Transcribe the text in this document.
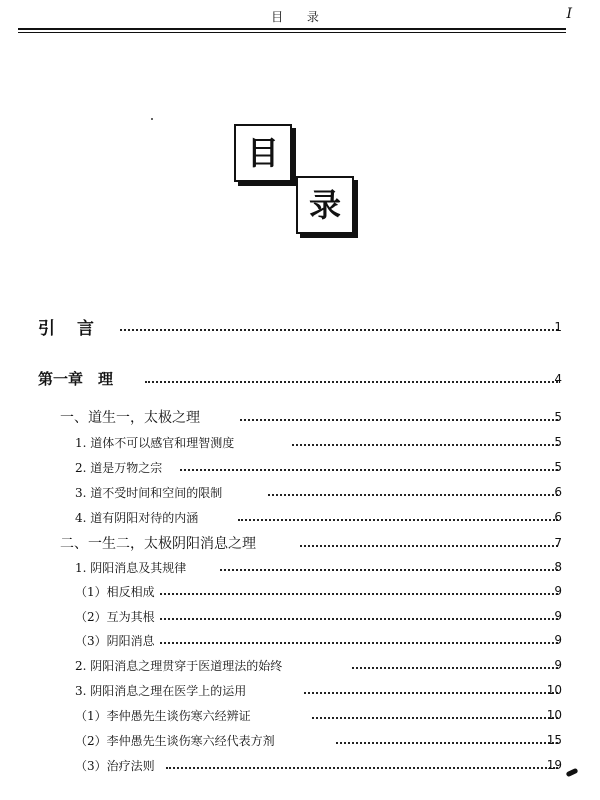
目 录	I
目
录
引言	1
第一章　理	4
一、道生一，太极之理	5
1. 道体不可以感官和理智测度	5
2. 道是万物之宗	5
3. 道不受时间和空间的限制	6
4. 道有阴阳对待的内涵	6
二、一生二，太极阴阳消息之理	7
1. 阴阳消息及其规律	8
（1）相反相成	9
（2）互为其根	9
（3）阴阳消息	9
2. 阴阳消息之理贯穿于医道理法的始终	9
3. 阴阳消息之理在医学上的运用	10
（1）李仲愚先生谈伤寒六经辨证	10
（2）李仲愚先生谈伤寒六经代表方剂	15
（3）治疗法则	19
